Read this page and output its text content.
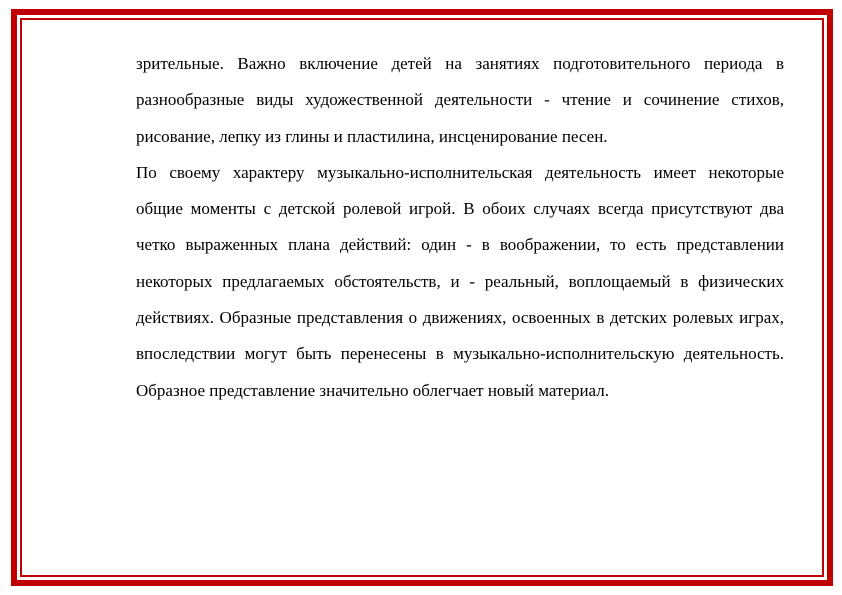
зрительные. Важно включение детей на занятиях подготовительного периода в разнообразные виды художественной деятельности - чтение и сочинение стихов, рисование, лепку из глины и пластилина, инсценирование песен.

По своему характеру музыкально-исполнительская деятельность имеет некоторые общие моменты с детской ролевой игрой. В обоих случаях всегда присутствуют два четко выраженных плана действий: один - в воображении, то есть представлении некоторых предлагаемых обстоятельств, и - реальный, воплощаемый в физических действиях. Образные представления о движениях, освоенных в детских ролевых играх, впоследствии могут быть перенесены в музыкально-исполнительскую деятельность. Образное представление значительно облегчает новый материал.
